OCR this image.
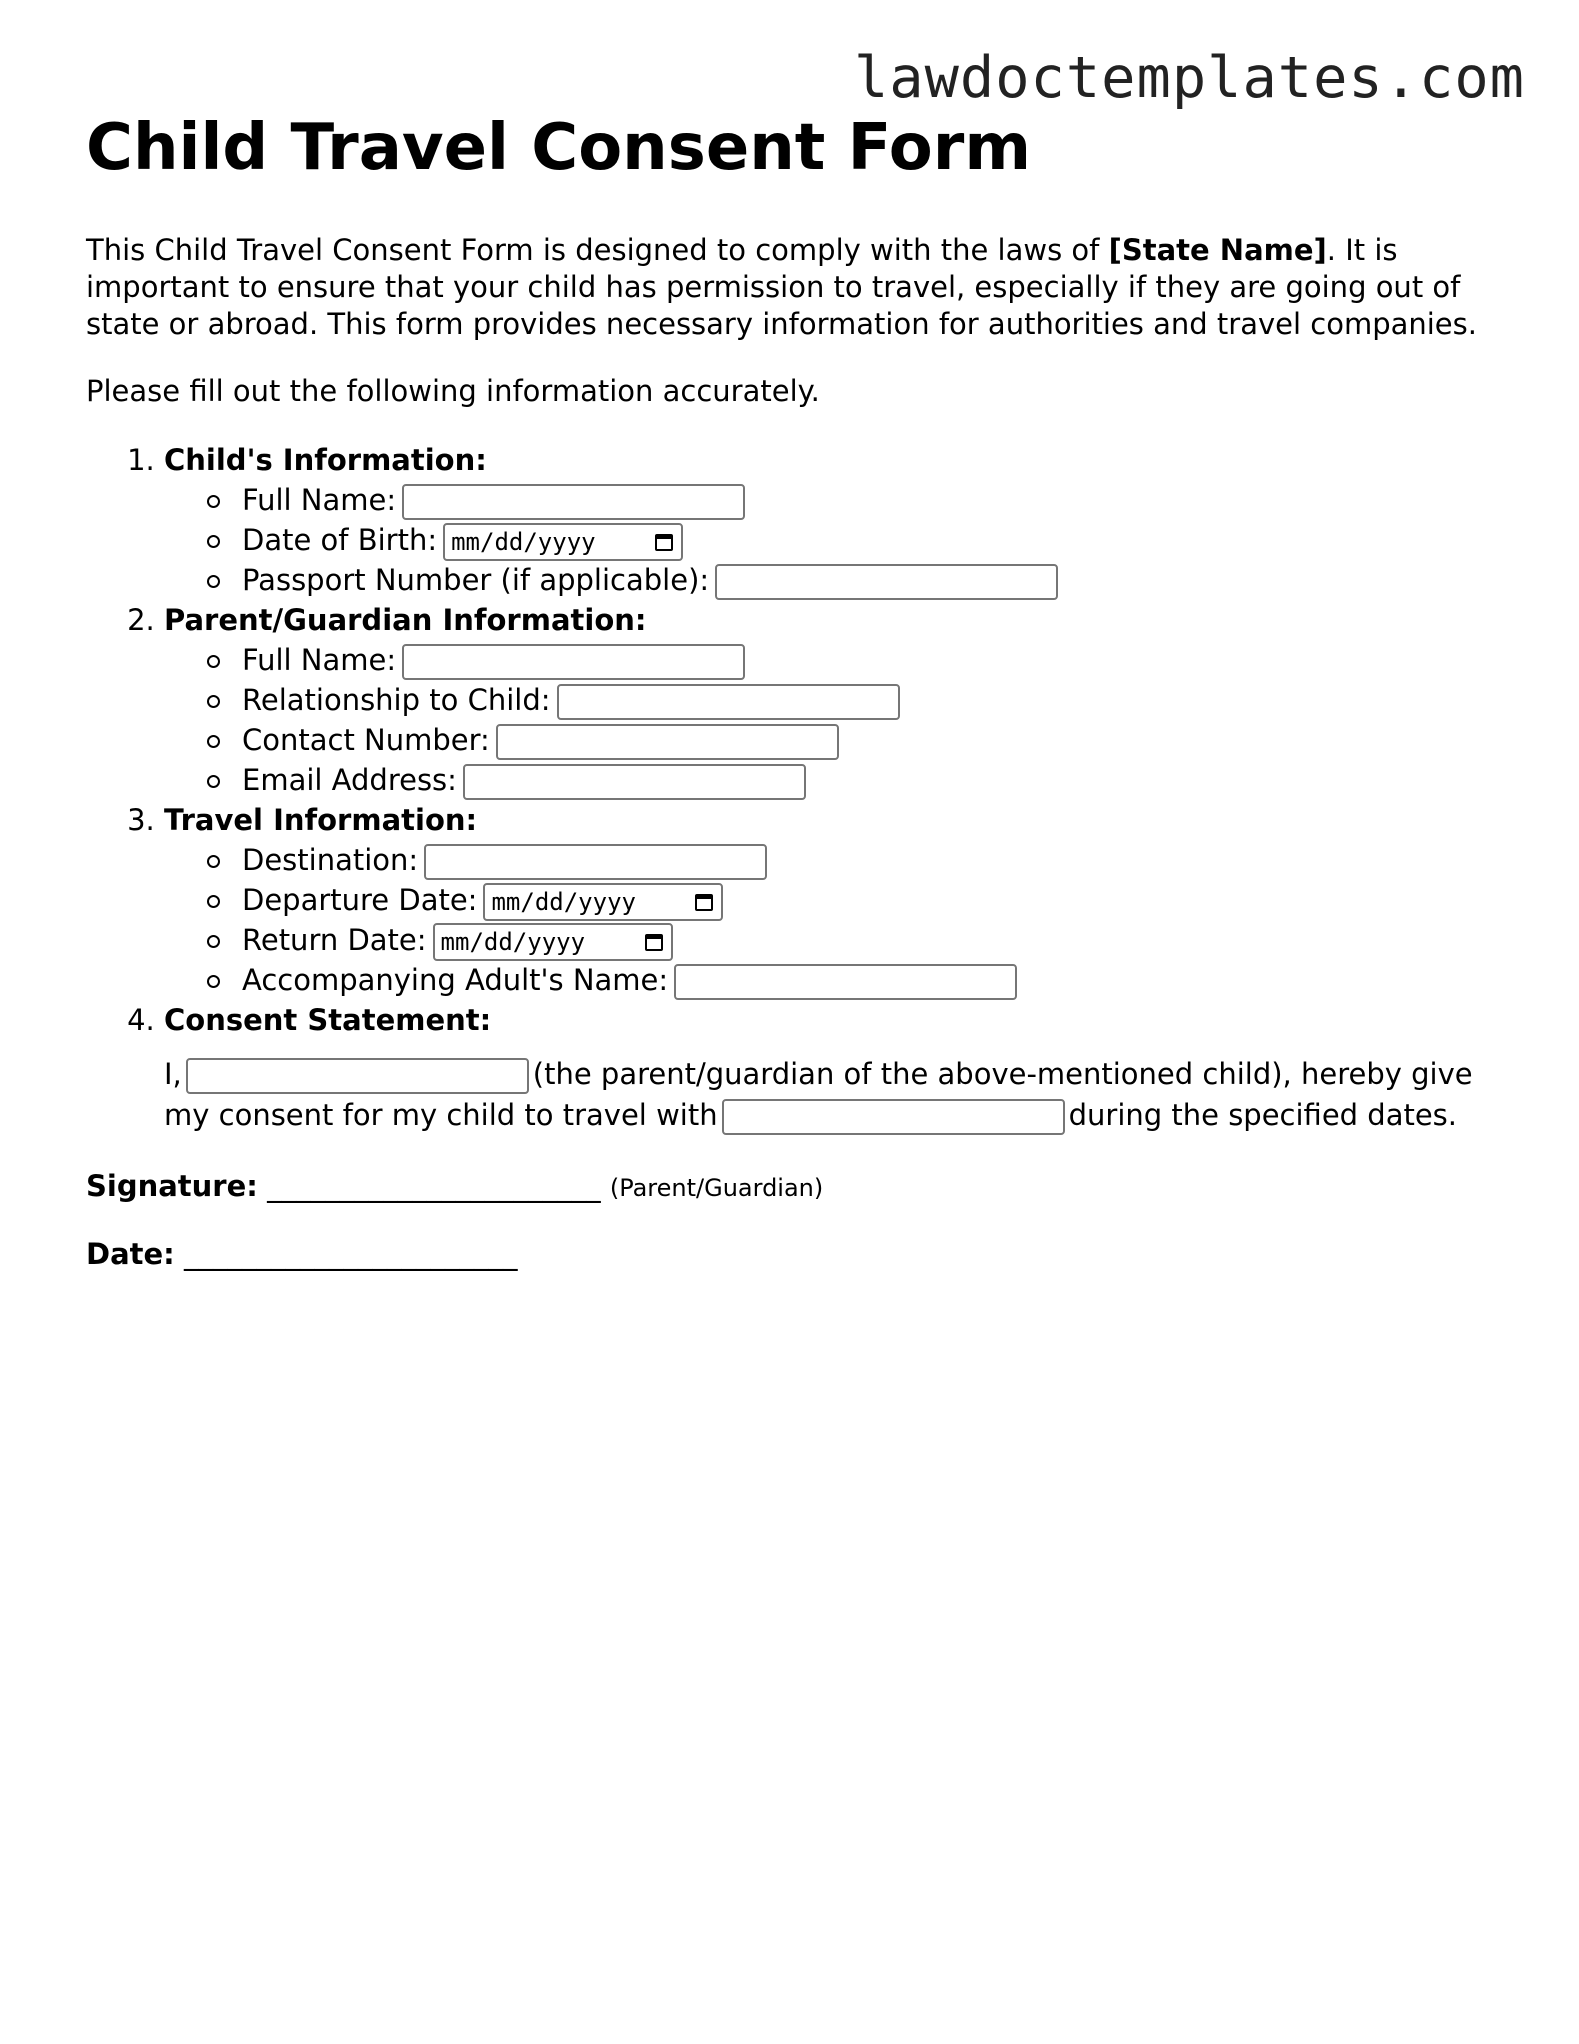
lawdoctemplates.com
Child Travel Consent Form

This Child Travel Consent Form is designed to comply with the laws of [State Name]. It is important to ensure that your child has permission to travel, especially if they are going out of state or abroad. This form provides necessary information for authorities and travel companies.

Please fill out the following information accurately.

1. Child's Information:
Full Name:
Date of Birth: mm/dd/yyyy
Passport Number (if applicable):
2. Parent/Guardian Information:
Full Name:
Relationship to Child:
Contact Number:
Email Address:
3. Travel Information:
Destination:
Departure Date: mm/dd/yyyy
Return Date: mm/dd/yyyy
Accompanying Adult's Name:
4. Consent Statement:

I,	(the parent/guardian of the above-mentioned child), hereby give my consent for my child to travel with	during the specified dates.

Signature: _______________________ (Parent/Guardian)

Date: _______________________
